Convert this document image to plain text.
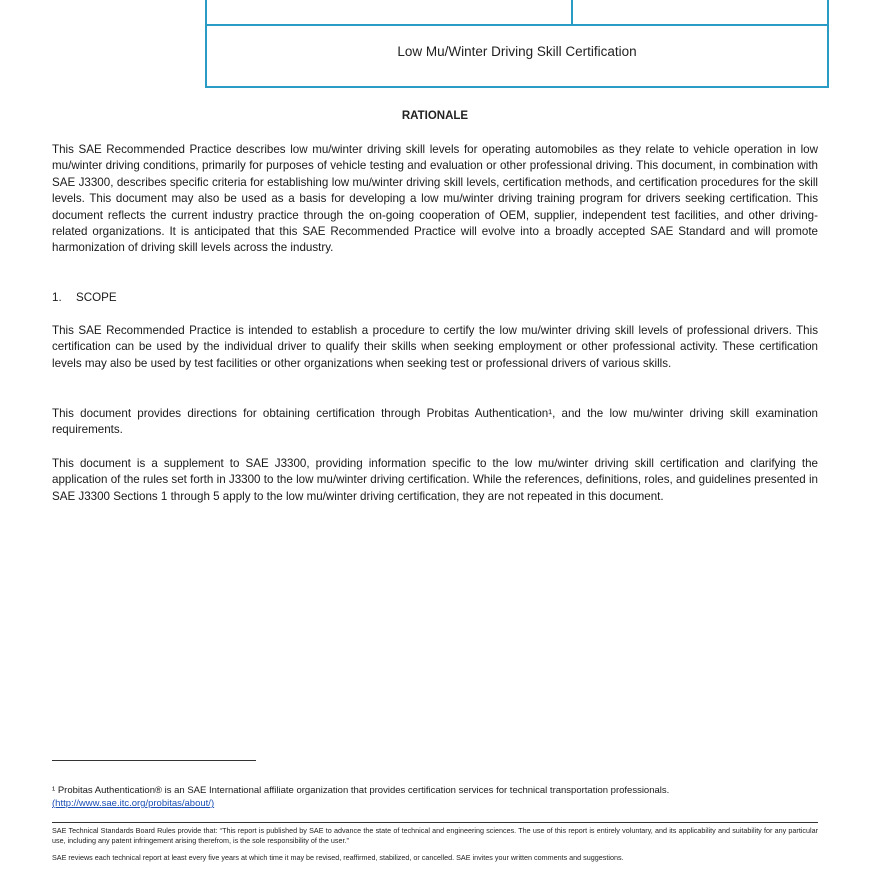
Low Mu/Winter Driving Skill Certification
RATIONALE

This SAE Recommended Practice describes low mu/winter driving skill levels for operating automobiles as they relate to vehicle operation in low mu/winter driving conditions, primarily for purposes of vehicle testing and evaluation or other professional driving. This document, in combination with SAE J3300, describes specific criteria for establishing low mu/winter driving skill levels, certification methods, and certification procedures for the skill levels. This document may also be used as a basis for developing a low mu/winter driving training program for drivers seeking certification. This document reflects the current industry practice through the on-going cooperation of OEM, supplier, independent test facilities, and other driving-related organizations. It is anticipated that this SAE Recommended Practice will evolve into a broadly accepted SAE Standard and will promote harmonization of driving skill levels across the industry.

1. SCOPE

This SAE Recommended Practice is intended to establish a procedure to certify the low mu/winter driving skill levels of professional drivers. This certification can be used by the individual driver to qualify their skills when seeking employment or other professional activity. These certification levels may also be used by test facilities or other organizations when seeking test or professional drivers of various skills.

This document provides directions for obtaining certification through Probitas Authentication¹, and the low mu/winter driving skill examination requirements.

This document is a supplement to SAE J3300, providing information specific to the low mu/winter driving skill certification and clarifying the application of the rules set forth in J3300 to the low mu/winter driving certification. While the references, definitions, roles, and guidelines presented in SAE J3300 Sections 1 through 5 apply to the low mu/winter driving certification, they are not repeated in this document.

¹ Probitas Authentication® is an SAE International affiliate organization that provides certification services for technical transportation professionals.
(http://www.sae.itc.org/probitas/about/)
SAE Technical Standards Board Rules provide that: “This report is published by SAE to advance the state of technical and engineering sciences. The use of this report is entirely voluntary, and its applicability and suitability for any particular use, including any patent infringement arising therefrom, is the sole responsibility of the user.”
SAE reviews each technical report at least every five years at which time it may be revised, reaffirmed, stabilized, or cancelled. SAE invites your written comments and suggestions.
